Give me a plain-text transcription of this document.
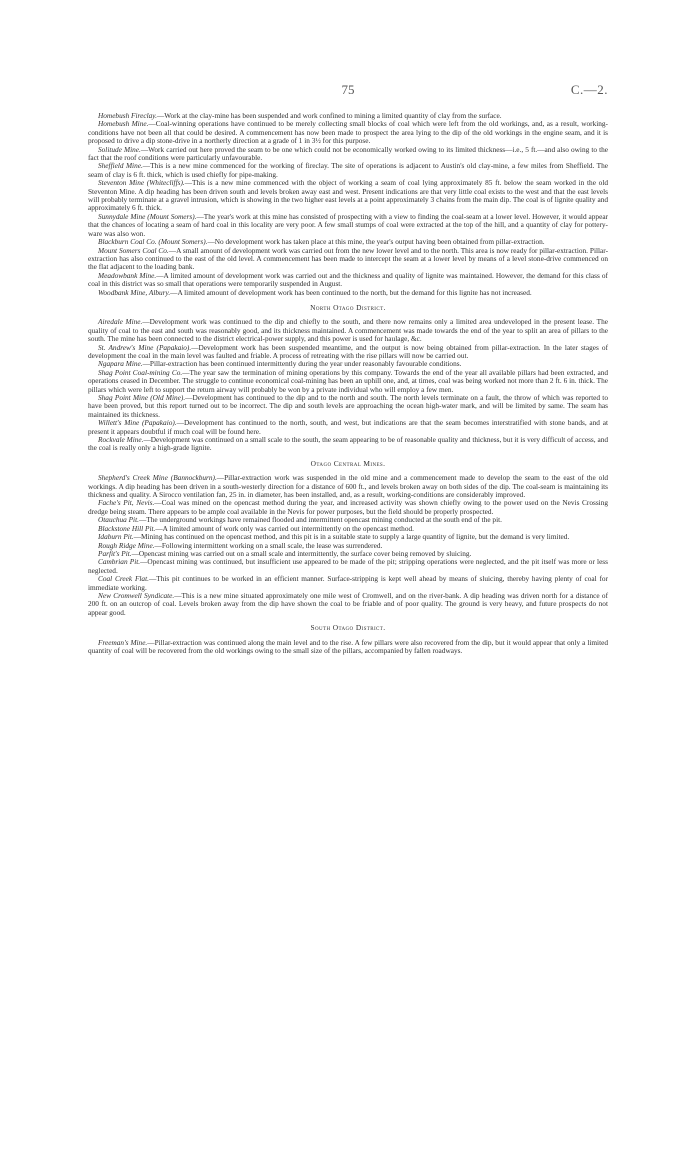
75	C.—2.

Homebush Fireclay.—Work at the clay-mine has been suspended and work confined to mining a limited quantity of clay from the surface.

Homebush Mine.—Coal-winning operations have continued to be merely collecting small blocks of coal which were left from the old workings, and, as a result, working-conditions have not been all that could be desired. A commencement has now been made to prospect the area lying to the dip of the old workings in the engine seam, and it is proposed to drive a dip stone-drive in a northerly direction at a grade of 1 in 3½ for this purpose.

Solitude Mine.—Work carried out here proved the seam to be one which could not be economically worked owing to its limited thickness—i.e., 5 ft.—and also owing to the fact that the roof conditions were particularly unfavourable.

Sheffield Mine.—This is a new mine commenced for the working of fireclay. The site of operations is adjacent to Austin's old clay-mine, a few miles from Sheffield. The seam of clay is 6 ft. thick, which is used chiefly for pipe-making.

Steventon Mine (Whitecliffs).—This is a new mine commenced with the object of working a seam of coal lying approximately 85 ft. below the seam worked in the old Steventon Mine. A dip heading has been driven south and levels broken away east and west. Present indications are that very little coal exists to the west and that the east levels will probably terminate at a gravel intrusion, which is showing in the two higher east levels at a point approximately 3 chains from the main dip. The coal is of lignite quality and approximately 6 ft. thick.

Sunnydale Mine (Mount Somers).—The year's work at this mine has consisted of prospecting with a view to finding the coal-seam at a lower level. However, it would appear that the chances of locating a seam of hard coal in this locality are very poor. A few small stumps of coal were extracted at the top of the hill, and a quantity of clay for pottery-ware was also won.

Blackburn Coal Co. (Mount Somers).—No development work has taken place at this mine, the year's output having been obtained from pillar-extraction.

Mount Somers Coal Co.—A small amount of development work was carried out from the new lower level and to the north. This area is now ready for pillar-extraction. Pillar-extraction has also continued to the east of the old level. A commencement has been made to intercept the seam at a lower level by means of a level stone-drive commenced on the flat adjacent to the loading bank.

Meadowbank Mine.—A limited amount of development work was carried out and the thickness and quality of lignite was maintained. However, the demand for this class of coal in this district was so small that operations were temporarily suspended in August.

Woodbank Mine, Albury.—A limited amount of development work has been continued to the north, but the demand for this lignite has not increased.

North Otago District.

Airedale Mine.—Development work was continued to the dip and chiefly to the south, and there now remains only a limited area undeveloped in the present lease. The quality of coal to the east and south was reasonably good, and its thickness maintained. A commencement was made towards the end of the year to split an area of pillars to the south. The mine has been connected to the district electrical-power supply, and this power is used for haulage, &c.

St. Andrew's Mine (Papakaio).—Development work has been suspended meantime, and the output is now being obtained from pillar-extraction. In the later stages of development the coal in the main level was faulted and friable. A process of retreating with the rise pillars will now be carried out.

Ngapara Mine.—Pillar-extraction has been continued intermittently during the year under reasonably favourable conditions.

Shag Point Coal-mining Co.—The year saw the termination of mining operations by this company. Towards the end of the year all available pillars had been extracted, and operations ceased in December. The struggle to continue economical coal-mining has been an uphill one, and, at times, coal was being worked not more than 2 ft. 6 in. thick. The pillars which were left to support the return airway will probably be won by a private individual who will employ a few men.

Shag Point Mine (Old Mine).—Development has continued to the dip and to the north and south. The north levels terminate on a fault, the throw of which was reported to have been proved, but this report turned out to be incorrect. The dip and south levels are approaching the ocean high-water mark, and will be limited by same. The seam has maintained its thickness.

Willett's Mine (Papakaio).—Development has continued to the north, south, and west, but indications are that the seam becomes interstratified with stone bands, and at present it appears doubtful if much coal will be found here.

Rockvale Mine.—Development was continued on a small scale to the south, the seam appearing to be of reasonable quality and thickness, but it is very difficult of access, and the coal is really only a high-grade lignite.

Otago Central Mines.

Shepherd's Creek Mine (Bannockburn).—Pillar-extraction work was suspended in the old mine and a commencement made to develop the seam to the east of the old workings. A dip heading has been driven in a south-westerly direction for a distance of 600 ft., and levels broken away on both sides of the dip. The coal-seam is maintaining its thickness and quality. A Sirocco ventilation fan, 25 in. in diameter, has been installed, and, as a result, working-conditions are considerably improved.

Fache's Pit, Nevis.—Coal was mined on the opencast method during the year, and increased activity was shown chiefly owing to the power used on the Nevis Crossing dredge being steam. There appears to be ample coal available in the Nevis for power purposes, but the field should be properly prospected.

Otauchua Pit.—The underground workings have remained flooded and intermittent opencast mining conducted at the south end of the pit.

Blackstone Hill Pit.—A limited amount of work only was carried out intermittently on the opencast method.

Idaburn Pit.—Mining has continued on the opencast method, and this pit is in a suitable state to supply a large quantity of lignite, but the demand is very limited.

Rough Ridge Mine.—Following intermittent working on a small scale, the lease was surrendered.

Parfit's Pit.—Opencast mining was carried out on a small scale and intermittently, the surface cover being removed by sluicing.

Cambrian Pit.—Opencast mining was continued, but insufficient use appeared to be made of the pit; stripping operations were neglected, and the pit itself was more or less neglected.

Coal Creek Flat.—This pit continues to be worked in an efficient manner. Surface-stripping is kept well ahead by means of sluicing, thereby having plenty of coal for immediate working.

New Cromwell Syndicate.—This is a new mine situated approximately one mile west of Cromwell, and on the river-bank. A dip heading was driven north for a distance of 200 ft. on an outcrop of coal. Levels broken away from the dip have shown the coal to be friable and of poor quality. The ground is very heavy, and future prospects do not appear good.

South Otago District.

Freeman's Mine.—Pillar-extraction was continued along the main level and to the rise. A few pillars were also recovered from the dip, but it would appear that only a limited quantity of coal will be recovered from the old workings owing to the small size of the pillars, accompanied by fallen roadways.
